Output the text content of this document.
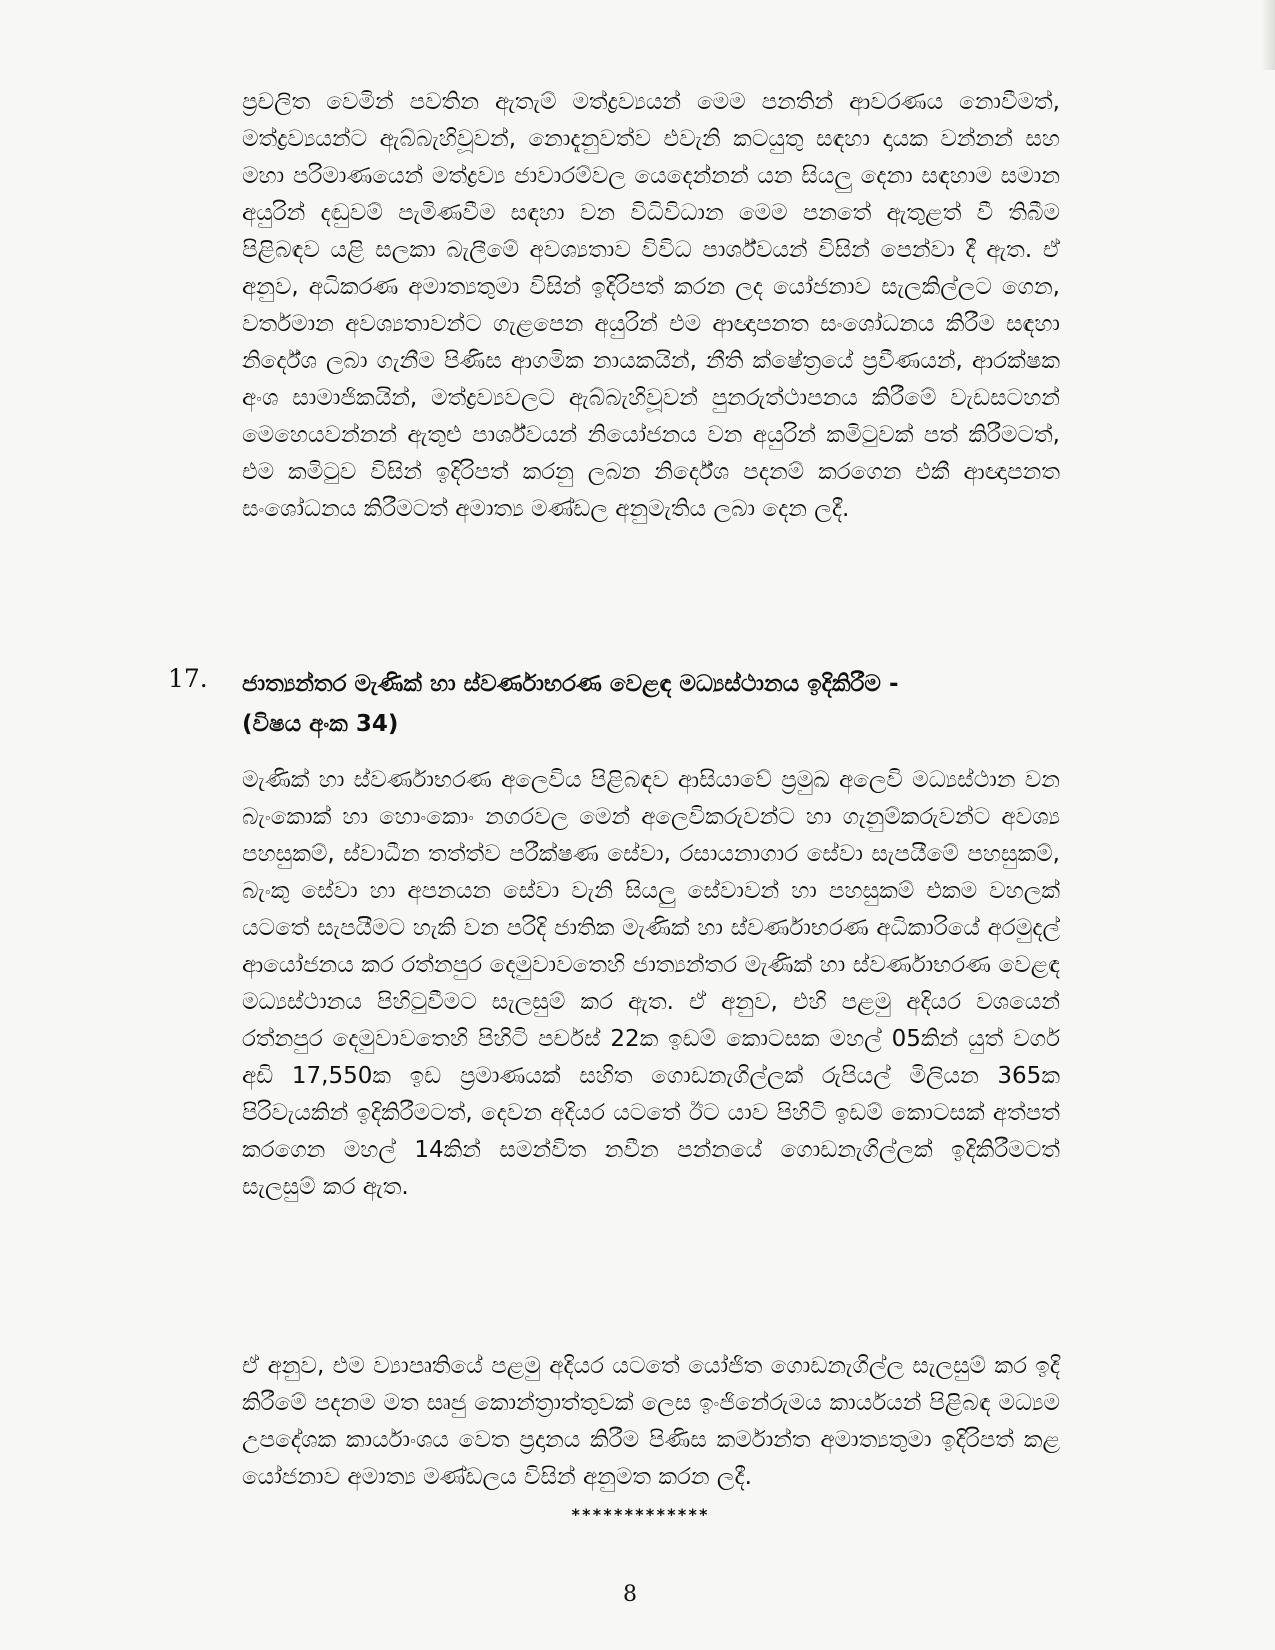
ප්‍රචලිත වෙමින් පවතින ඇතැම් මත්ද්‍රව්‍යයන් මෙම පනතින් ආවරණය නොවීමත්, මත්ද්‍රව්‍යයන්ට ඇබ්බැහිවූවන්, නොදැනුවත්ව එවැනි කටයුතු සඳහා දායක වන්නන් සහ මහා පරිමාණයෙන් මත්ද්‍රව්‍ය ජාවාරම්වල යෙදෙන්නන් යන සියලු දෙනා සඳහාම සමාන අයුරින් දඬුවම් පැමිණවීම සඳහා වන විධිවිධාන මෙම පනතේ ඇතුළත් වී තිබීම පිළිබඳව යළි සලකා බැලීමේ අවශ්‍යතාව විවිධ පාර්ශ්වයන් විසින් පෙන්වා දී ඇත. ඒ අනුව, අධිකරණ අමාත්‍යතුමා විසින් ඉදිරිපත් කරන ලද යෝජනාව සැලකිල්ලට ගෙන, වර්තමාන අවශ්‍යතාවන්ට ගැළපෙන අයුරින් එම ආඥාපනත සංශෝධනය කිරීම සඳහා නිර්දේශ ලබා ගැනීම පිණිස ආගමික නායකයින්, නීති ක්ෂේත්‍රයේ ප්‍රවීණයන්, ආරක්ෂක අංශ සාමාජිකයින්, මත්ද්‍රව්‍යවලට ඇබ්බැහිවූවන් පුනරුත්ථාපනය කිරීමේ වැඩසටහන් මෙහෙයවන්නන් ඇතුළු පාර්ශ්වයන් නියෝජනය වන අයුරින් කමිටුවක් පත් කිරීමටත්, එම කමිටුව විසින් ඉදිරිපත් කරනු ලබන නිර්දේශ පදනම් කරගෙන එකී ආඥාපනත සංශෝධනය කිරීමටත් අමාත්‍ය මණ්ඩල අනුමැතිය ලබා දෙන ලදී.

17. ජාත්‍යන්තර මැණික් හා ස්වර්ණාභරණ වෙළඳ මධ්‍යස්ථානය ඉදිකිරීම -
(විෂය අංක 34)

මැණික් හා ස්වර්ණාභරණ අලෙවිය පිළිබඳව ආසියාවේ ප්‍රමුඛ අලෙවි මධ්‍යස්ථාන වන බැංකොක් හා හොංකොං නගරවල මෙන් අලෙවිකරුවන්ට හා ගැනුම්කරුවන්ට අවශ්‍ය පහසුකම්, ස්වාධීන තත්ත්ව පරීක්ෂණ සේවා, රසායනාගාර සේවා සැපයීමේ පහසුකම්, බැංකු සේවා හා අපනයන සේවා වැනි සියලු සේවාවන් හා පහසුකම් එකම වහලක් යටතේ සැපයීමට හැකි වන පරිදි ජාතික මැණික් හා ස්වර්ණාභරණ අධිකාරියේ අරමුදල් ආයෝජනය කර රත්නපුර දෙමුවාවතෙහි ජාත්‍යන්තර මැණික් හා ස්වර්ණාභරණ වෙළඳ මධ්‍යස්ථානය පිහිටුවීමට සැලසුම් කර ඇත. ඒ අනුව, එහි පළමු අදියර වශයෙන් රත්නපුර දෙමුවාවතෙහි පිහිටි පර්චස් 22ක ඉඩම් කොටසක මහල් 05කින් යුත් වර්ග අඩි 17,550ක ඉඩ ප්‍රමාණයක් සහිත ගොඩනැගිල්ලක් රුපියල් මිලියන 365ක පිරිවැයකින් ඉදිකිරීමටත්, දෙවන අදියර යටතේ ඊට යාව පිහිටි ඉඩම් කොටසක් අත්පත් කරගෙන මහල් 14කින් සමන්විත නවීන පන්නයේ ගොඩනැගිල්ලක් ඉදිකිරීමටත් සැලසුම් කර ඇත.

ඒ අනුව, එම ව්‍යාපෘතියේ පළමු අදියර යටතේ යෝජිත ගොඩනැගිල්ල සැලසුම් කර ඉදි කිරීමේ පදනම මත සෘජු කොන්ත්‍රාත්තුවක් ලෙස ඉංජිනේරුමය කාර්යයන් පිළිබඳ මධ්‍යම උපදේශක කාර්යාංශය වෙත ප්‍රදානය කිරීම පිණිස කර්මාන්ත අමාත්‍යතුමා ඉදිරිපත් කළ යෝජනාව අමාත්‍ය මණ්ඩලය විසින් අනුමත කරන ලදී.

*************
8
